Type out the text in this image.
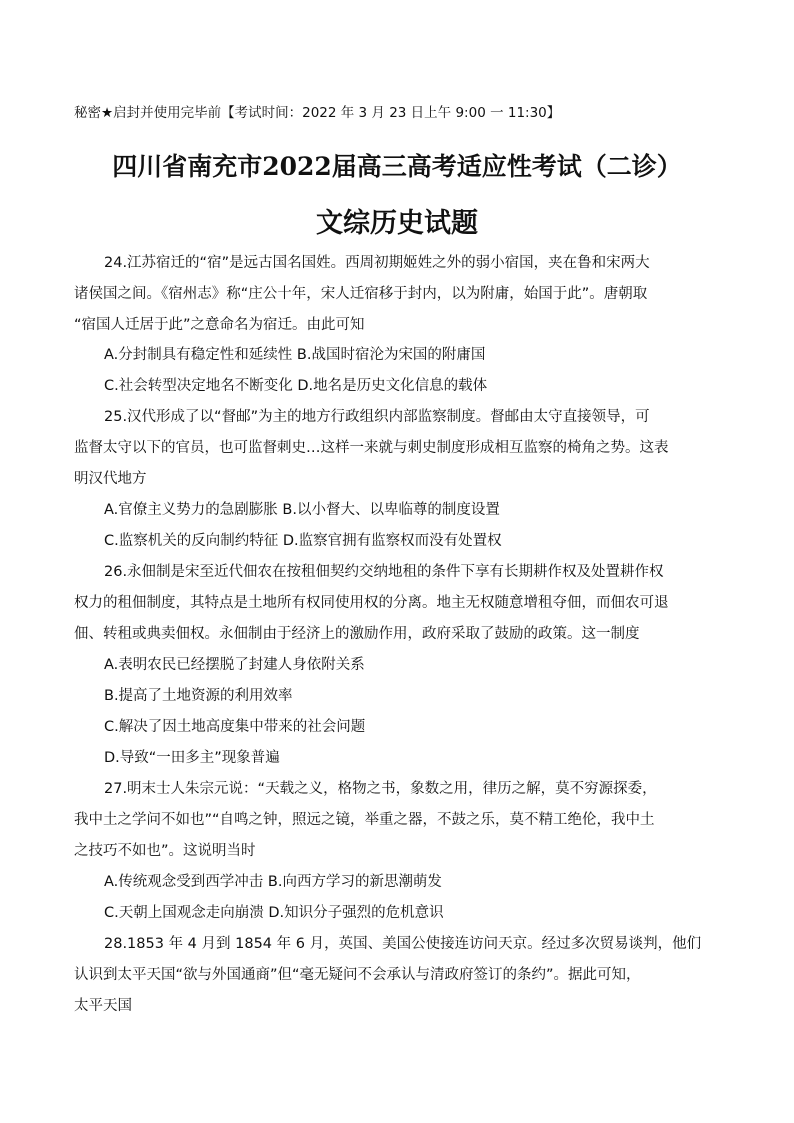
秘密★启封并使用完毕前【考试时间：2022 年 3 月 23 日上午 9:00 一 11:30】
四川省南充市2022届高三高考适应性考试（二诊）
文综历史试题
24.江苏宿迁的“宿”是远古国名国姓。西周初期姬姓之外的弱小宿国，夹在鲁和宋两大
诸侯国之间。《宿州志》称“庄公十年，宋人迁宿移于封内，以为附庸，始国于此”。唐朝取
“宿国人迁居于此”之意命名为宿迁。由此可知
A.分封制具有稳定性和延续性 B.战国时宿沦为宋国的附庸国
C.社会转型决定地名不断变化 D.地名是历史文化信息的载体
25.汉代形成了以“督邮”为主的地方行政组织内部监察制度。督邮由太守直接领导，可
监督太守以下的官员，也可监督刺史…这样一来就与刺史制度形成相互监察的椅角之势。这表
明汉代地方
A.官僚主义势力的急剧膨胀 B.以小督大、以卑临尊的制度设置
C.监察机关的反向制约特征 D.监察官拥有监察权而没有处置权
26.永佃制是宋至近代佃农在按租佃契约交纳地租的条件下享有长期耕作权及处置耕作权
权力的租佃制度，其特点是土地所有权同使用权的分离。地主无权随意增租夺佃，而佃农可退
佃、转租或典卖佃权。永佃制由于经济上的激励作用，政府采取了鼓励的政策。这一制度
A.表明农民已经摆脱了封建人身依附关系
B.提高了土地资源的利用效率
C.解决了因土地高度集中带来的社会问题
D.导致“一田多主”现象普遍
27.明末士人朱宗元说：“天载之义，格物之书，象数之用，律历之解，莫不穷源探委，
我中土之学问不如也”“自鸣之钟，照远之镜，举重之器，不鼓之乐，莫不精工绝伦，我中土
之技巧不如也”。这说明当时
A.传统观念受到西学冲击 B.向西方学习的新思潮萌发
C.天朝上国观念走向崩溃 D.知识分子强烈的危机意识
28.1853 年 4 月到 1854 年 6 月，英国、美国公使接连访问天京。经过多次贸易谈判，他们
认识到太平天国“欲与外国通商”但“毫无疑问不会承认与清政府签订的条约”。据此可知，
太平天国
